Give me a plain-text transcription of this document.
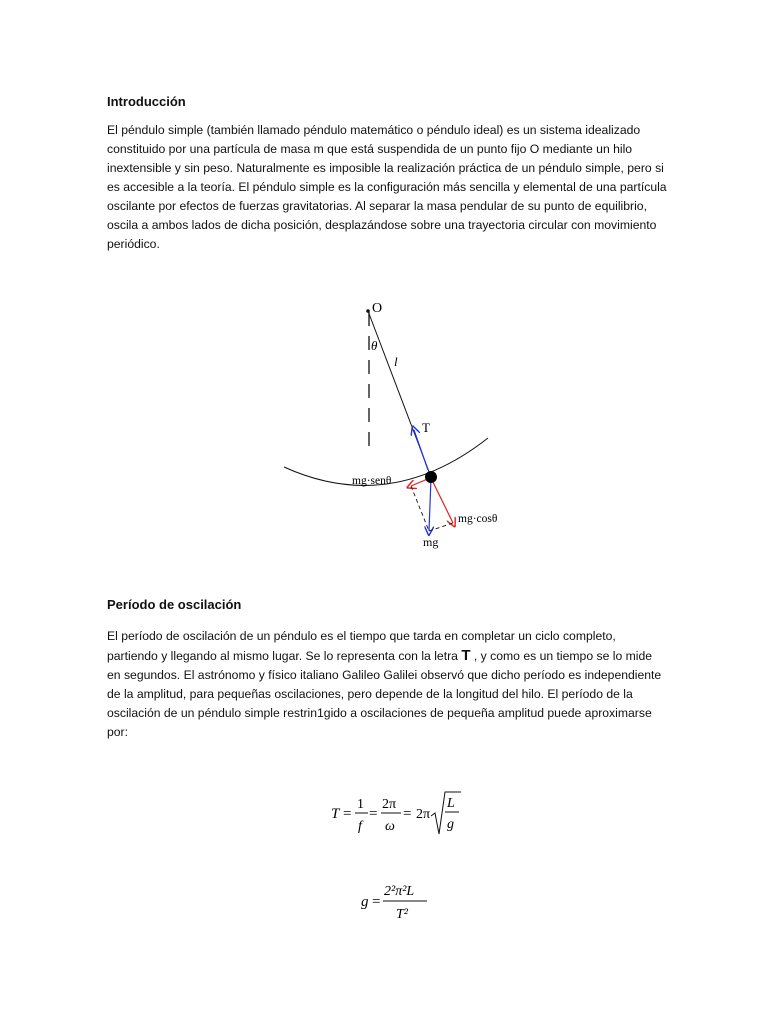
Introducción

El péndulo simple (también llamado péndulo matemático o péndulo ideal) es un sistema idealizado constituido por una partícula de masa m que está suspendida de un punto fijo O mediante un hilo inextensible y sin peso. Naturalmente es imposible la realización práctica de un péndulo simple, pero si es accesible a la teoría. El péndulo simple es la configuración más sencilla y elemental de una partícula oscilante por efectos de fuerzas gravitatorias. Al separar la masa pendular de su punto de equilibrio, oscila a ambos lados de dicha posición, desplazándose sobre una trayectoria circular con movimiento periódico.

O
θ
l
T
mg·senθ
mg·cosθ
mg
Período de oscilación

El período de oscilación de un péndulo es el tiempo que tarda en completar un ciclo completo, partiendo y llegando al mismo lugar. Se lo representa con la letra T , y como es un tiempo se lo mide en segundos. El astrónomo y físico italiano Galileo Galilei observó que dicho período es independiente de la amplitud, para pequeñas oscilaciones, pero depende de la longitud del hilo. El período de la oscilación de un péndulo simple restrin1gido a oscilaciones de pequeña amplitud puede aproximarse por:

T =
1
f
=
2π
ω
= 2π
L
g
g =
2²π²L
T²
